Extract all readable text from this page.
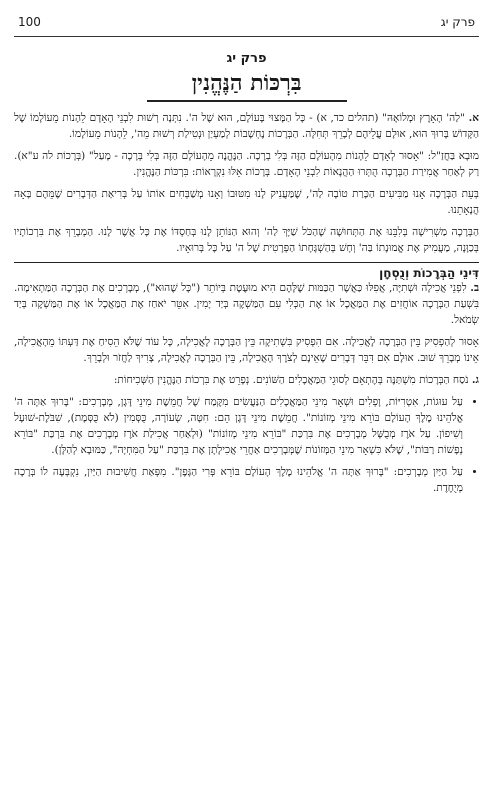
פרק יג
100
פרק יג
בִּרְכּוֹת הַנֶּהֱנִין

א. "לַה' הָאָרֶץ וּמְלוֹאָהּ" (תהלים כד, א) - כָּל הַמָּצוּי בָּעוֹלָם, הוּא שֶׁל ה'. נִתְּנָה רְשׁוּת לִבְנֵי הָאָדָם לֵהָנוֹת מֵעוֹלָמוֹ שֶׁל הַקָּדוֹשׁ בָּרוּךְ הוּא, אוּלָם עֲלֵיהֶם לְבָרֵךְ תְּחִלָּה. הַבְּרָכוֹת נֶחְשָׁבוֹת לְמַעְיַן וּנְטִילַת רְשׁוּת מֵה', לֵהָנוֹת מֵעוֹלָמוֹ.

מוּבָא בַּחֲזַ"ל: "אָסוּר לְאָדָם לֵהָנוֹת מִהָעוֹלָם הַזֶּה בְּלִי בְרָכָה. הַנֶּהֱנֶה מֵהָעוֹלָם הַזֶּה בְּלִי בְּרָכָה - מָעַל" (בְּרָכוֹת לה ע"א). רַק לְאַחַר אֲמִירַת הַבְּרָכָה הֻתְּרוּ הַהֲנָאוֹת לִבְנֵי הָאָדָם. בְּרָכוֹת אֵלּוּ נִקְרָאוֹת: בִּרְכּוֹת הַנֶּהֱנִין.

בְּעֵת הַבְּרָכָה אָנוּ מַבִּיעִים הַכָּרַת טוֹבָה לַה', שֶׁמַּעֲנִיק לָנוּ מִטּוּבוֹ וְאָנוּ מְשַׁבְּחִים אוֹתוֹ עַל בְּרִיאַת הַדְּבָרִים שֶׁמֵּהֶם בָּאָה הֲנָאָתֵנוּ.

הַבְּרָכָה מַשְׁרִישָׁה בְּלִבֵּנוּ אֶת הַתְּחוּשָׁה שֶׁהַכֹּל שַׁיָּךְ לַה' וְהוּא הַנּוֹתֵן לָנוּ בְּחַסְדּוֹ אֶת כָּל אֲשֶׁר לָנוּ. הַמְבָרֵךְ אֶת בִּרְכוֹתָיו בְּכַוָּנָה, מַעֲמִיק אֶת אֱמוּנָתוֹ בַּה' וְחָשׁ בְּהַשְׁגָּחָתוֹ הַפְּרָטִית שֶׁל ה' עַל כָּל בְּרוּאָיו.

דִּינֵי הַבְּרָכוֹת וְנֻסְחָן

ב. לִפְנֵי אֲכִילָה וּשְׁתִיָּה, אֲפִלּוּ כַּאֲשֶׁר הַכַּמּוּת שֶׁלָּהֶם הִיא מוּעֶטֶת בְּיוֹתֵר ("כָּל שֶׁהוּא"), מְבָרְכִים אֶת הַבְּרָכָה הַמַּתְאִימָה. בִּשְׁעַת הַבְּרָכָה אוֹחֲזִים אֶת הַמַּאֲכָל אוֹ אֶת הַכְּלִי עִם הַמַּשְׁקֶה בְּיַד יָמִין. אִטֵּר יֹאחַז אֶת הַמַּאֲכָל אוֹ אֶת הַמַּשְׁקֶה בְּיַד שְׂמֹאל.

אָסוּר לְהַפְסִיק בֵּין הַבְּרָכָה לָאֲכִילָה. אִם הִפְסִיק בִּשְׁתִיקָה בֵּין הַבְּרָכָה לָאֲכִילָה, כָּל עוֹד שֶׁלֹּא הֵסִיחַ אֶת דַּעְתּוֹ מֵהָאֲכִילָה, אֵינוֹ מְבָרֵךְ שׁוּב. אוּלָם אִם דִּבֵּר דְּבָרִים שֶׁאֵינָם לְצֹרֶךְ הָאֲכִילָה, בֵּין הַבְּרָכָה לָאֲכִילָה, צָרִיךְ לַחֲזֹר וּלְבָרֵךְ.

ג. נֹסַח הַבְּרָכוֹת מִשְׁתַּנֶּה בְּהֶתְאֵם לְסוּגֵי הַמַּאֲכָלִים הַשּׁוֹנִים. נְפָרֵט אֶת בִּרְכוֹת הַנֶּהֱנִין הַשְּׁכִיחוֹת:

• עַל עוּגוֹת, אִטְרִיּוֹת, וָפְלִים וּשְׁאָר מִינֵי הַמַּאֲכָלִים הַנַּעֲשִׂים מִקֶּמַח שֶׁל חֲמֵשֶׁת מִינֵי דָּגָן, מְבָרְכִים: "בָּרוּךְ אַתָּה ה' אֱלֹהֵינוּ מֶלֶךְ הָעוֹלָם בּוֹרֵא מִינֵי מְזוֹנוֹת". חֲמֵשֶׁת מִינֵי דָּגָן הֵם: חִטָּה, שְׂעוֹרָה, כֻּסְּמִין (לֹא כֻּסְּמָת), שִׁבֹּלֶת-שׁוּעָל וְשִׁיפוֹן. עַל אֹרֶז מְבֻשָּׁל מְבָרְכִים אֶת בִּרְכַּת "בּוֹרֵא מִינֵי מְזוֹנוֹת" (וּלְאַחַר אֲכִילַת אֹרֶז מְבָרְכִים אֶת בִּרְכַּת "בּוֹרֵא נְפָשׁוֹת רַבּוֹת", שֶׁלֹּא כִּשְׁאָר מִינֵי הַמְּזוֹנוֹת שֶׁמְּבָרְכִים אַחֲרֵי אֲכִילָתָן אֶת בִּרְכַּת "עַל הַמִּחְיָה", כַּמּוּבָא לְהַלָּן).
• עַל הַיַּיִן מְבָרְכִים: "בָּרוּךְ אַתָּה ה' אֱלֹהֵינוּ מֶלֶךְ הָעוֹלָם בּוֹרֵא פְּרִי הַגָּפֶן". מִפְּאַת חֲשִׁיבוּת הַיַּיִן, נִקְבְּעָה לוֹ בְּרָכָה מְיֻחֶדֶת.
